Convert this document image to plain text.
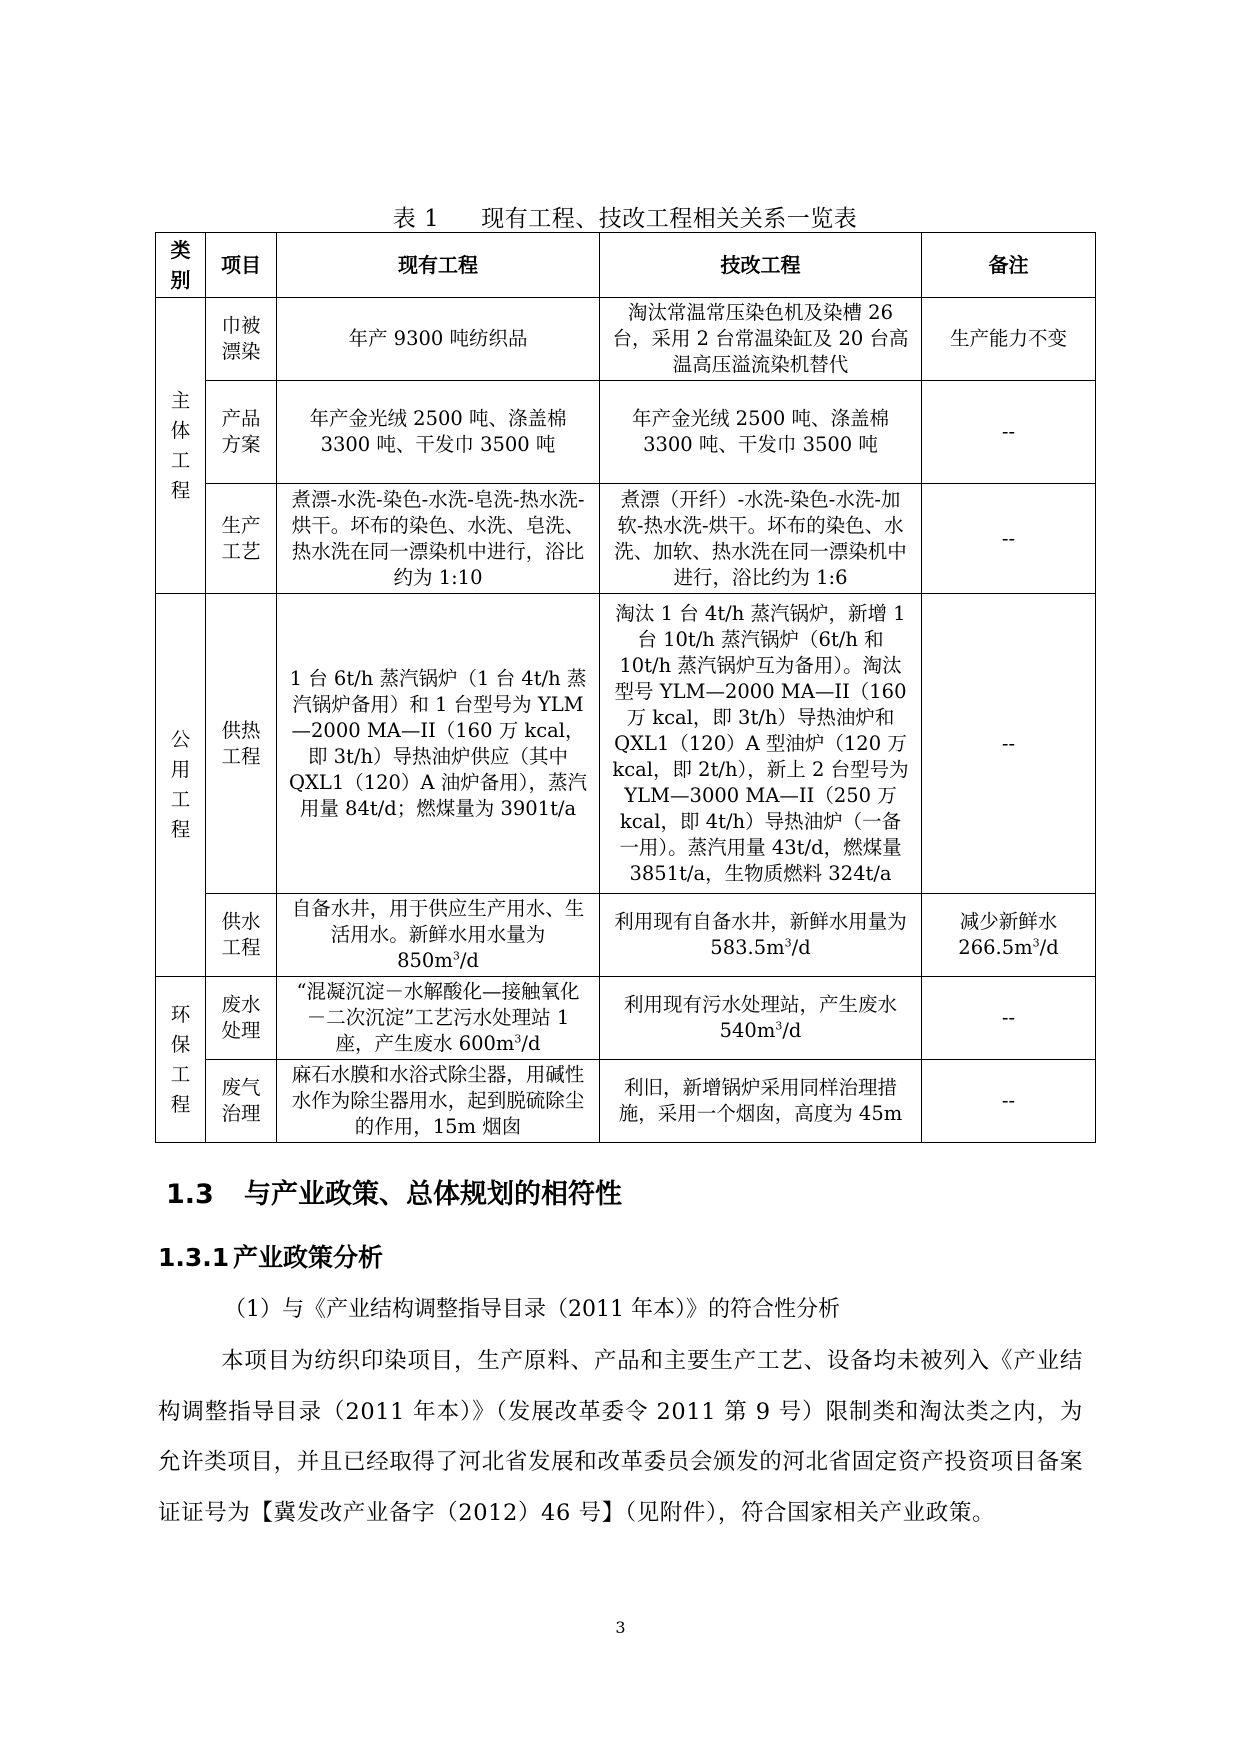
表 1 现有工程、技改工程相关关系一览表
类别	项目	现有工程	技改工程	备注
主体工程	巾被漂染	年产 9300 吨纺织品	淘汰常温常压染色机及染槽 26 台，采用 2 台常温染缸及 20 台高温高压溢流染机替代	生产能力不变
	产品方案	年产金光绒 2500 吨、涤盖棉 3300 吨、干发巾 3500 吨	年产金光绒 2500 吨、涤盖棉 3300 吨、干发巾 3500 吨	--
	生产工艺	煮漂-水洗-染色-水洗-皂洗-热水洗-烘干。坏布的染色、水洗、皂洗、热水洗在同一漂染机中进行，浴比约为 1:10	煮漂（开纤）-水洗-染色-水洗-加软-热水洗-烘干。坏布的染色、水洗、加软、热水洗在同一漂染机中进行，浴比约为 1:6	--
公用工程	供热工程	1 台 6t/h 蒸汽锅炉（1 台 4t/h 蒸汽锅炉备用）和 1 台型号为 YLM—2000 MA—II（160 万 kcal，即 3t/h）导热油炉供应（其中 QXL1（120）A 油炉备用），蒸汽用量 84t/d；燃煤量为 3901t/a	淘汰 1 台 4t/h 蒸汽锅炉，新增 1 台 10t/h 蒸汽锅炉（6t/h 和 10t/h 蒸汽锅炉互为备用）。淘汰型号 YLM—2000 MA—II（160 万 kcal，即 3t/h）导热油炉和 QXL1（120）A 型油炉（120 万 kcal，即 2t/h），新上 2 台型号为 YLM—3000 MA—II（250 万 kcal，即 4t/h）导热油炉（一备一用）。蒸汽用量 43t/d，燃煤量 3851t/a，生物质燃料 324t/a	--
	供水工程	自备水井，用于供应生产用水、生活用水。新鲜水用水量为 $850m^3/d$	利用现有自备水井，新鲜水用量为 $583.5m^3/d$	减少新鲜水 $266.5m^3/d$
环保工程	废水处理	“混凝沉淀－水解酸化—接触氧化－二次沉淀”工艺污水处理站 1 座，产生废水 $600m^3/d$	利用现有污水处理站，产生废水 $540m^3/d$	--
	废气治理	麻石水膜和水浴式除尘器，用碱性水作为除尘器用水，起到脱硫除尘的作用，15m 烟囱	利旧，新增锅炉采用同样治理措施，采用一个烟囱，高度为 45m	--
1.3 与产业政策、总体规划的相符性
1.3.1 产业政策分析
（1）与《产业结构调整指导目录（2011 年本）》的符合性分析
本项目为纺织印染项目，生产原料、产品和主要生产工艺、设备均未被列入《产业结构调整指导目录（2011 年本）》（发展改革委令 2011 第 9 号）限制类和淘汰类之内，为允许类项目，并且已经取得了河北省发展和改革委员会颁发的河北省固定资产投资项目备案证证号为【冀发改产业备字（2012）46 号】（见附件），符合国家相关产业政策。
3
